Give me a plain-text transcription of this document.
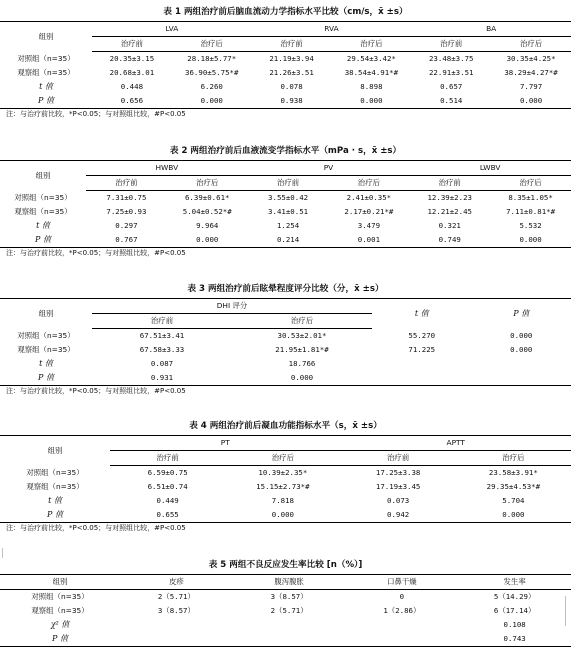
表 1 两组治疗前后脑血流动力学指标水平比较（cm/s，x̄ ±s）
组别	LVA		RVA		BA	
	治疗前	治疗后	治疗前	治疗后	治疗前	治疗后
对照组（n=35）	20.35±3.15	28.18±5.77*	21.19±3.94	29.54±3.42*	23.48±3.75	30.35±4.25*
观察组（n=35）	20.68±3.01	36.90±5.75*#	21.26±3.51	38.54±4.91*#	22.91±3.51	38.29±4.27*#
t 值	0.448	6.260	0.078	8.898	0.657	7.797
P 值	0.656	0.000	0.938	0.000	0.514	0.000
注：与治疗前比较，*P<0.05；与对照组比较，#P<0.05
表 2 两组治疗前后血液流变学指标水平（mPa · s，x̄ ±s）
组别	HWBV		PV		LWBV	
	治疗前	治疗后	治疗前	治疗后	治疗前	治疗后
对照组（n=35）	7.31±0.75	6.39±0.61*	3.55±0.42	2.41±0.35*	12.39±2.23	8.35±1.05*
观察组（n=35）	7.25±0.93	5.04±0.52*#	3.41±0.51	2.17±0.21*#	12.21±2.45	7.11±0.81*#
t 值	0.297	9.964	1.254	3.479	0.321	5.532
P 值	0.767	0.000	0.214	0.001	0.749	0.000
注：与治疗前比较，*P<0.05；与对照组比较，#P<0.05
表 3 两组治疗前后眩晕程度评分比较（分，x̄ ±s）
组别	DHI 评分		t 值	P 值
	治疗前	治疗后		
对照组（n=35）	67.51±3.41	30.53±2.01*	55.270	0.000
观察组（n=35）	67.58±3.33	21.95±1.81*#	71.225	0.000
t 值	0.087	18.766		
P 值	0.931	0.000		
注：与治疗前比较，*P<0.05；与对照组比较，#P<0.05
表 4 两组治疗前后凝血功能指标水平（s，x̄ ±s）
组别	PT		APTT	
	治疗前	治疗后	治疗前	治疗后
对照组（n=35）	6.59±0.75	10.39±2.35*	17.25±3.38	23.58±3.91*
观察组（n=35）	6.51±0.74	15.15±2.73*#	17.19±3.45	29.35±4.53*#
t 值	0.449	7.818	0.073	5.704
P 值	0.655	0.000	0.942	0.000
注：与治疗前比较，*P<0.05；与对照组比较，#P<0.05
表 5 两组不良反应发生率比较 [n（%）]
组别	皮疹	腹泻腹胀	口鼻干燥	发生率
对照组（n=35）	2（5.71）	3（8.57）	0	5（14.29）
观察组（n=35）	3（8.57）	2（5.71）	1（2.86）	6（17.14）
χ² 值				0.108
P 值				0.743
